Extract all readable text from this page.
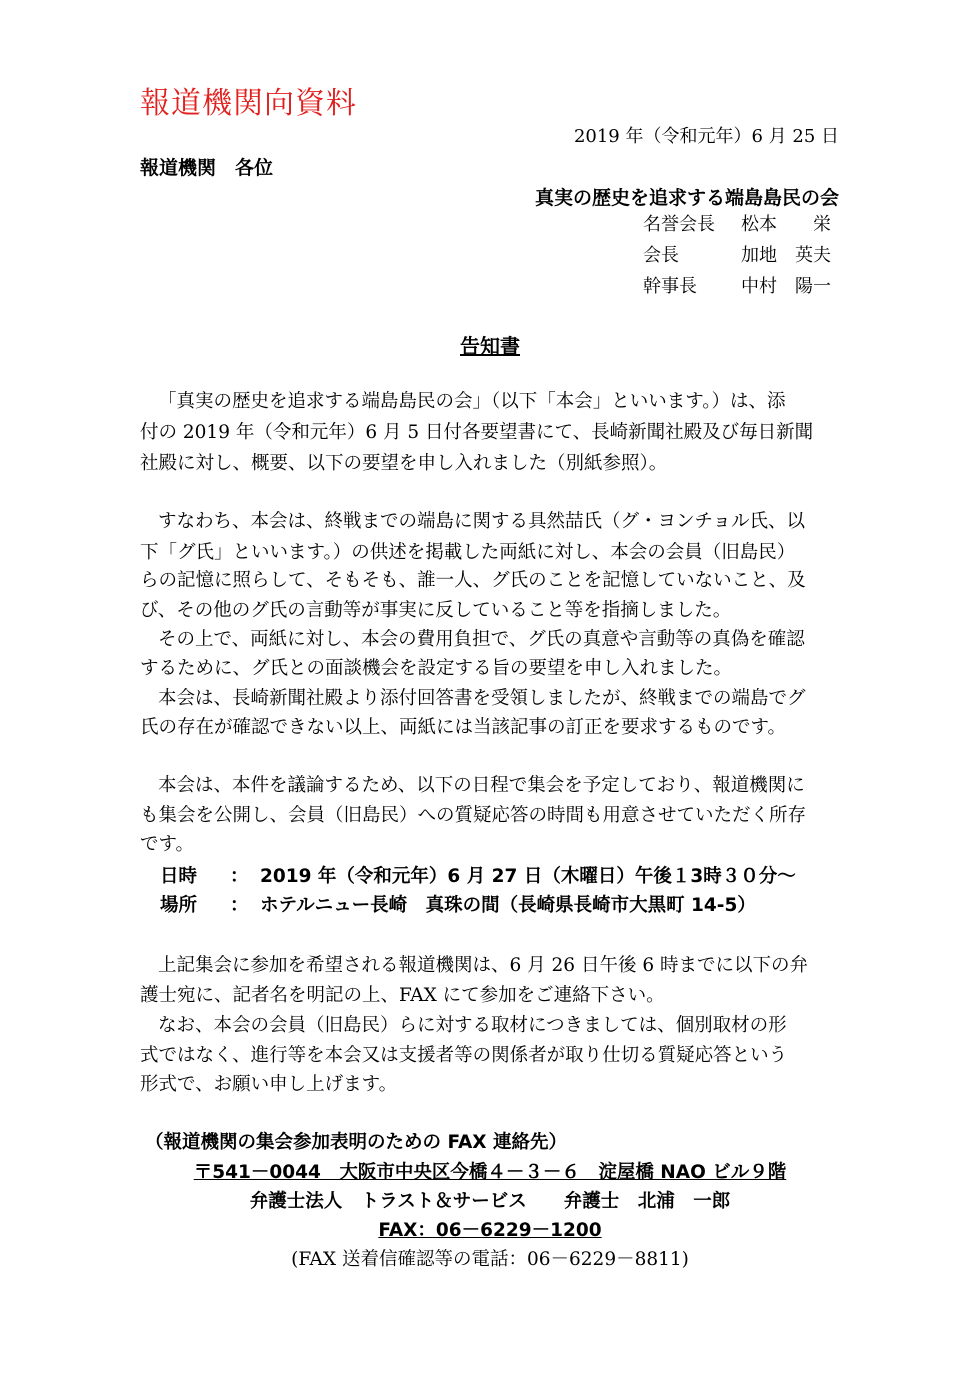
報道機関向資料
2019 年（令和元年）6 月 25 日
報道機関　各位
真実の歴史を追求する端島島民の会
名誉会長 松本　　栄
会長	加地　英夫
幹事長 中村　陽一
告知書
「真実の歴史を追求する端島島民の会」（以下「本会」といいます。）は、添
付の 2019 年（令和元年）6 月 5 日付各要望書にて、長崎新聞社殿及び毎日新聞
社殿に対し、概要、以下の要望を申し入れました（別紙参照）。
すなわち、本会は、終戦までの端島に関する具然喆氏（グ・ヨンチョル氏、以
下「グ氏」といいます。）の供述を掲載した両紙に対し、本会の会員（旧島民）
らの記憶に照らして、そもそも、誰一人、グ氏のことを記憶していないこと、及
び、その他のグ氏の言動等が事実に反していること等を指摘しました。
その上で、両紙に対し、本会の費用負担で、グ氏の真意や言動等の真偽を確認
するために、グ氏との面談機会を設定する旨の要望を申し入れました。
本会は、長崎新聞社殿より添付回答書を受領しましたが、終戦までの端島でグ
氏の存在が確認できない以上、両紙には当該記事の訂正を要求するものです。
本会は、本件を議論するため、以下の日程で集会を予定しており、報道機関に
も集会を公開し、会員（旧島民）への質疑応答の時間も用意させていただく所存
です。
日時 ： 2019 年（令和元年）6 月 27 日（木曜日）午後１3時３０分～
場所 ： ホテルニュー長崎　真珠の間（長崎県長崎市大黒町 14-5）
上記集会に参加を希望される報道機関は、6 月 26 日午後 6 時までに以下の弁
護士宛に、記者名を明記の上、FAX にて参加をご連絡下さい。
なお、本会の会員（旧島民）らに対する取材につきましては、個別取材の形
式ではなく、進行等を本会又は支援者等の関係者が取り仕切る質疑応答という
形式で、お願い申し上げます。
（報道機関の集会参加表明のための FAX 連絡先）
〒541－0044　大阪市中央区今橋４－３－６　淀屋橋 NAO ビル９階
弁護士法人　トラスト＆サービス　　弁護士　北浦　一郎
FAX：06－6229－1200
(FAX 送着信確認等の電話：06－6229－8811)
